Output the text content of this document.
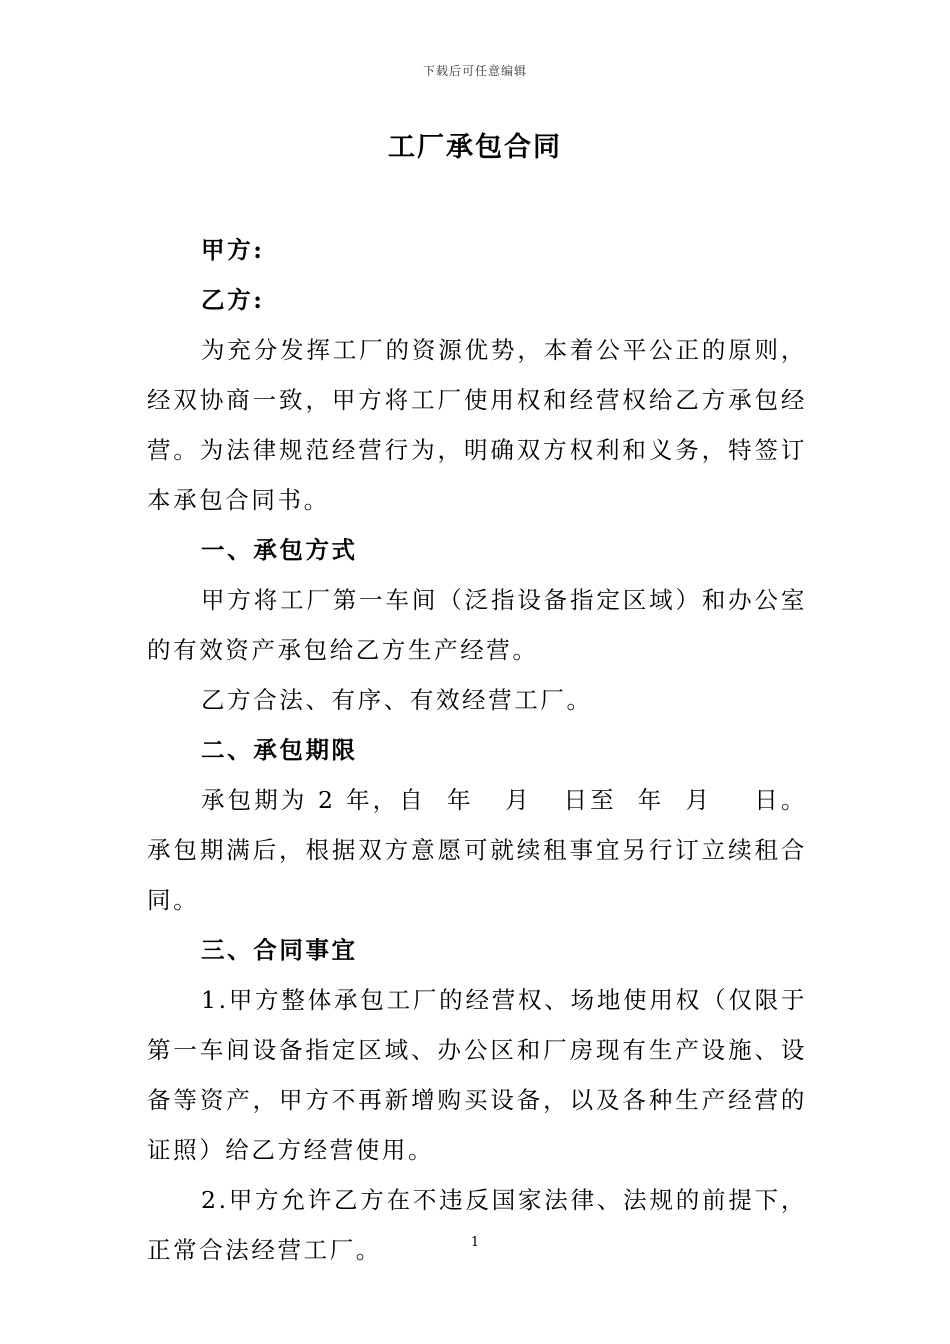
下载后可任意编辑
工厂承包合同

甲方:

乙方:

为充分发挥工厂的资源优势，本着公平公正的原则，经双协商一致，甲方将工厂使用权和经营权给乙方承包经营。为法律规范经营行为，明确双方权利和义务，特签订本承包合同书。

一、承包方式

甲方将工厂第一车间（泛指设备指定区域）和办公室的有效资产承包给乙方生产经营。

乙方合法、有序、有效经营工厂。

二、承包期限

承包期为 2 年，自  年   月   日至  年  月    日。承包期满后，根据双方意愿可就续租事宜另行订立续租合同。

三、合同事宜

1.甲方整体承包工厂的经营权、场地使用权（仅限于第一车间设备指定区域、办公区和厂房现有生产设施、设备等资产，甲方不再新增购买设备，以及各种生产经营的证照）给乙方经营使用。

2.甲方允许乙方在不违反国家法律、法规的前提下，正常合法经营工厂。	1
